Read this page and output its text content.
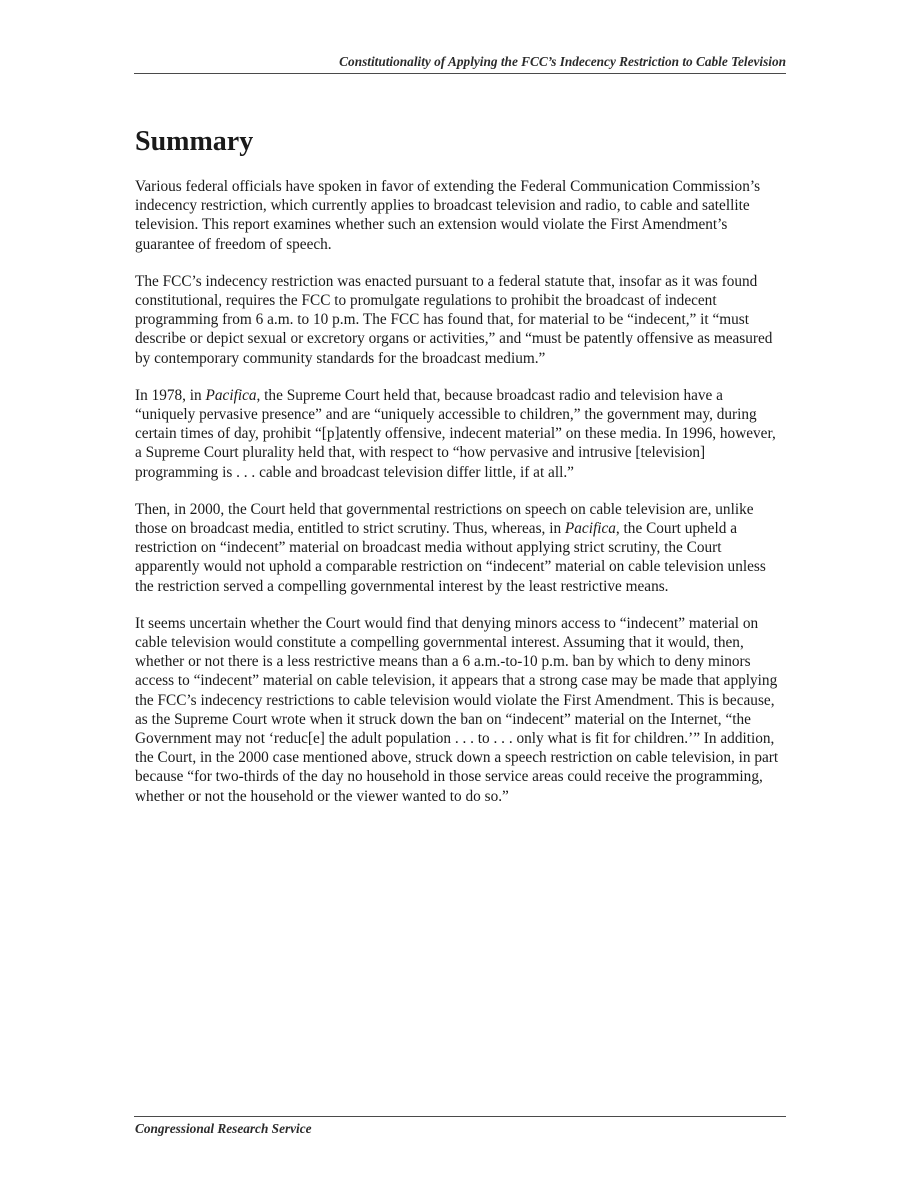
Constitutionality of Applying the FCC’s Indecency Restriction to Cable Television
Summary

Various federal officials have spoken in favor of extending the Federal Communication Commission’s indecency restriction, which currently applies to broadcast television and radio, to cable and satellite television. This report examines whether such an extension would violate the First Amendment’s guarantee of freedom of speech.

The FCC’s indecency restriction was enacted pursuant to a federal statute that, insofar as it was found constitutional, requires the FCC to promulgate regulations to prohibit the broadcast of indecent programming from 6 a.m. to 10 p.m. The FCC has found that, for material to be “indecent,” it “must describe or depict sexual or excretory organs or activities,” and “must be patently offensive as measured by contemporary community standards for the broadcast medium.”

In 1978, in Pacifica, the Supreme Court held that, because broadcast radio and television have a “uniquely pervasive presence” and are “uniquely accessible to children,” the government may, during certain times of day, prohibit “[p]atently offensive, indecent material” on these media. In 1996, however, a Supreme Court plurality held that, with respect to “how pervasive and intrusive [television] programming is . . . cable and broadcast television differ little, if at all.”

Then, in 2000, the Court held that governmental restrictions on speech on cable television are, unlike those on broadcast media, entitled to strict scrutiny. Thus, whereas, in Pacifica, the Court upheld a restriction on “indecent” material on broadcast media without applying strict scrutiny, the Court apparently would not uphold a comparable restriction on “indecent” material on cable television unless the restriction served a compelling governmental interest by the least restrictive means.

It seems uncertain whether the Court would find that denying minors access to “indecent” material on cable television would constitute a compelling governmental interest. Assuming that it would, then, whether or not there is a less restrictive means than a 6 a.m.-to-10 p.m. ban by which to deny minors access to “indecent” material on cable television, it appears that a strong case may be made that applying the FCC’s indecency restrictions to cable television would violate the First Amendment. This is because, as the Supreme Court wrote when it struck down the ban on “indecent” material on the Internet, “the Government may not ‘reduc[e] the adult population . . . to . . . only what is fit for children.’” In addition, the Court, in the 2000 case mentioned above, struck down a speech restriction on cable television, in part because “for two-thirds of the day no household in those service areas could receive the programming, whether or not the household or the viewer wanted to do so.”

Congressional Research Service
